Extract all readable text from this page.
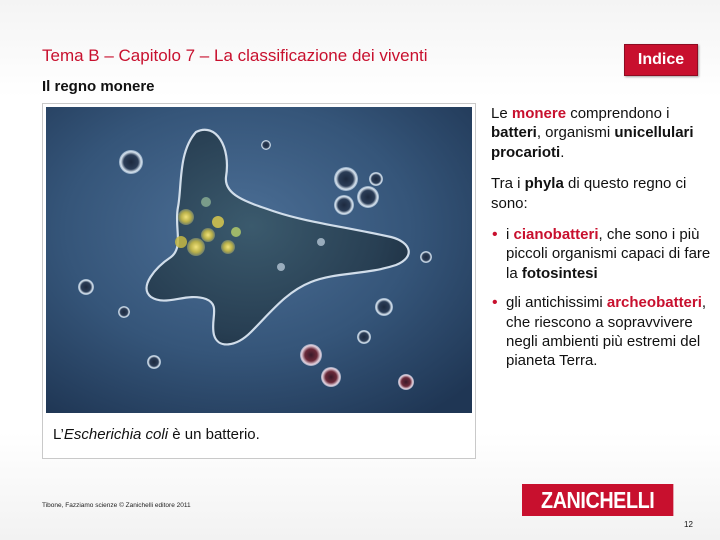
Tema B – Capitolo 7 – La classificazione dei viventi	Indice
Il regno monere
L’Escherichia coli è un batterio.

Le monere comprendono i batteri, organismi unicellulari procarioti.

Tra i phyla di questo regno ci sono:

• i cianobatteri, che sono i più piccoli organismi capaci di fare la fotosintesi
• gli antichissimi archeobatteri, che riescono a sopravvivere negli ambienti più estremi del pianeta Terra.
Tibone, Fazziamo scienze © Zanichelli editore 2011	ZANICHELLI
12
